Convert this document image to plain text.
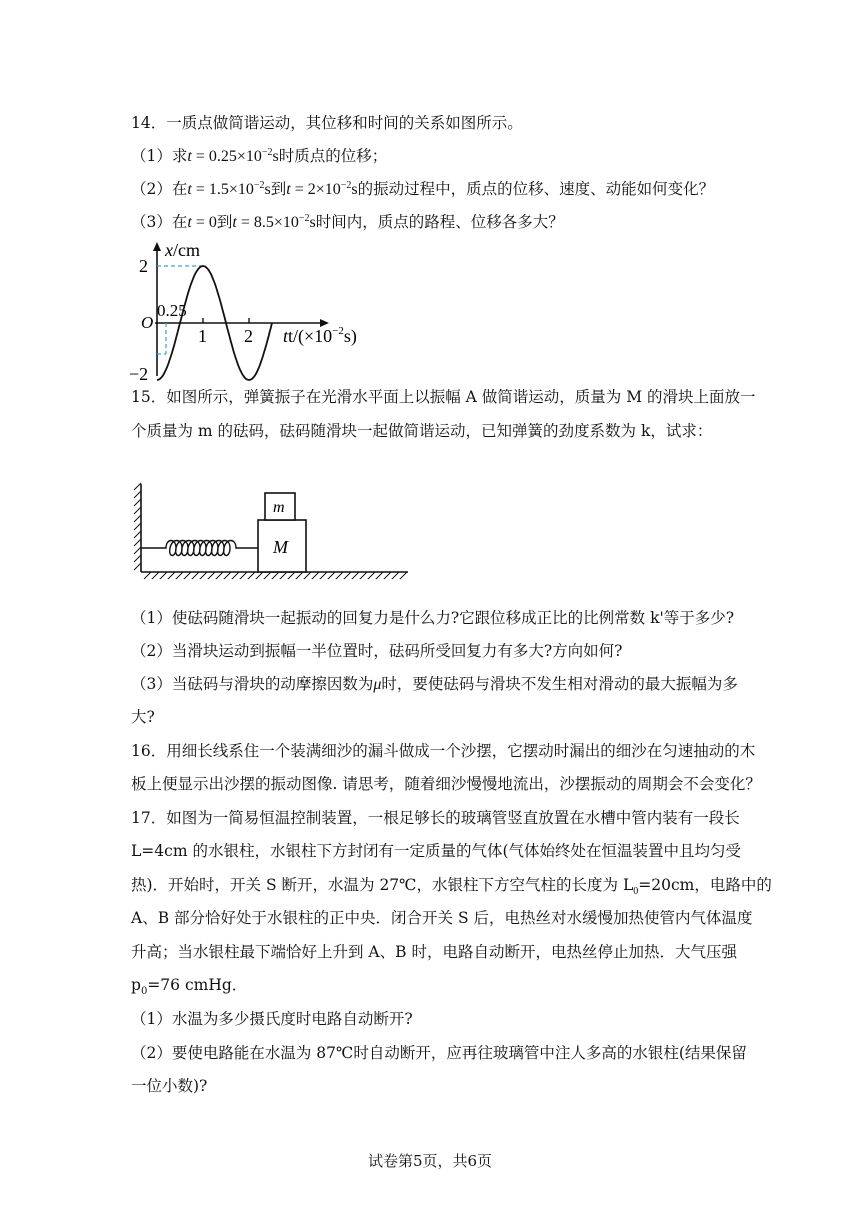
14．一质点做简谐运动，其位移和时间的关系如图所示。
（1）求$t = 0.25\times 10^{-2}s$时质点的位移；
（2）在$t = 1.5\times 10^{-2}s$到$t = 2\times 10^{-2}s$的振动过程中，质点的位移、速度、动能如何变化？
（3）在t = 0到$t = 8.5\times 10^{-2}s$时间内，质点的路程、位移各多大？
x/cm
2
−2
O
0.25
1 2 $tt/(\times 10^{-2}s)$
15．如图所示，弹簧振子在光滑水平面上以振幅 A 做简谐运动，质量为 M 的滑块上面放一
个质量为 m 的砝码，砝码随滑块一起做简谐运动，已知弹簧的劲度系数为 k，试求：
M
m
（1）使砝码随滑块一起振动的回复力是什么力?它跟位移成正比的比例常数 k'等于多少?
（2）当滑块运动到振幅一半位置时，砝码所受回复力有多大?方向如何?
（3）当砝码与滑块的动摩擦因数为μ时，要使砝码与滑块不发生相对滑动的最大振幅为多
大?
16．用细长线系住一个装满细沙的漏斗做成一个沙摆，它摆动时漏出的细沙在匀速抽动的木
板上便显示出沙摆的振动图像. 请思考，随着细沙慢慢地流出，沙摆振动的周期会不会变化？
17．如图为一简易恒温控制装置，一根足够长的玻璃管竖直放置在水槽中管内装有一段长
L=4cm 的水银柱，水银柱下方封闭有一定质量的气体(气体始终处在恒温装置中且均匀受
热)．开始时，开关 S 断开，水温为 27℃，水银柱下方空气柱的长度为 $L_0=20cm$，电路中的
A、B 部分恰好处于水银柱的正中央．闭合开关 S 后，电热丝对水缓慢加热使管内气体温度
升高；当水银柱最下端恰好上升到 A、B 时，电路自动断开，电热丝停止加热．大气压强
$p_0=76$ cmHg．
（1）水温为多少摄氏度时电路自动断开?
（2）要使电路能在水温为 87℃时自动断开，应再往玻璃管中注人多高的水银柱(结果保留
一位小数)?
试卷第5页，共6页
